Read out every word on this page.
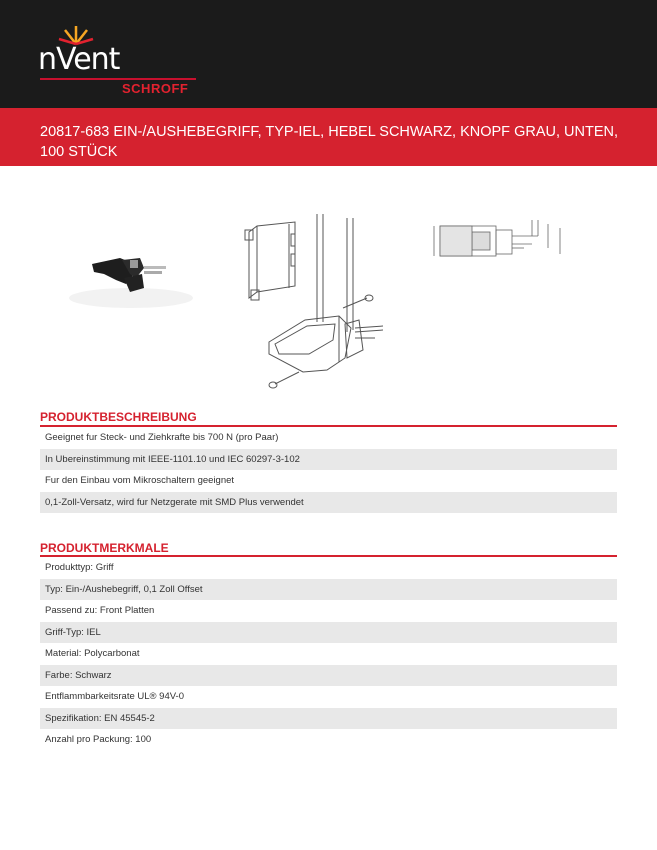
nVent
SCHROFF
20817-683 EIN-/AUSHEBEGRIFF, TYP-IEL, HEBEL SCHWARZ, KNOPF GRAU, UNTEN, 100 STÜCK
PRODUKTBESCHREIBUNG
Geeignet fur Steck- und Ziehkrafte bis 700 N (pro Paar)
In Ubereinstimmung mit IEEE-1101.10 und IEC 60297-3-102
Fur den Einbau vom Mikroschaltern geeignet
0,1-Zoll-Versatz, wird fur Netzgerate mit SMD Plus verwendet
PRODUKTMERKMALE
Produkttyp: Griff
Typ: Ein-/Aushebegriff, 0,1 Zoll Offset
Passend zu: Front Platten
Griff-Typ: IEL
Material: Polycarbonat
Farbe: Schwarz
Entflammbarkeitsrate UL® 94V-0
Spezifikation: EN 45545-2
Anzahl pro Packung: 100
